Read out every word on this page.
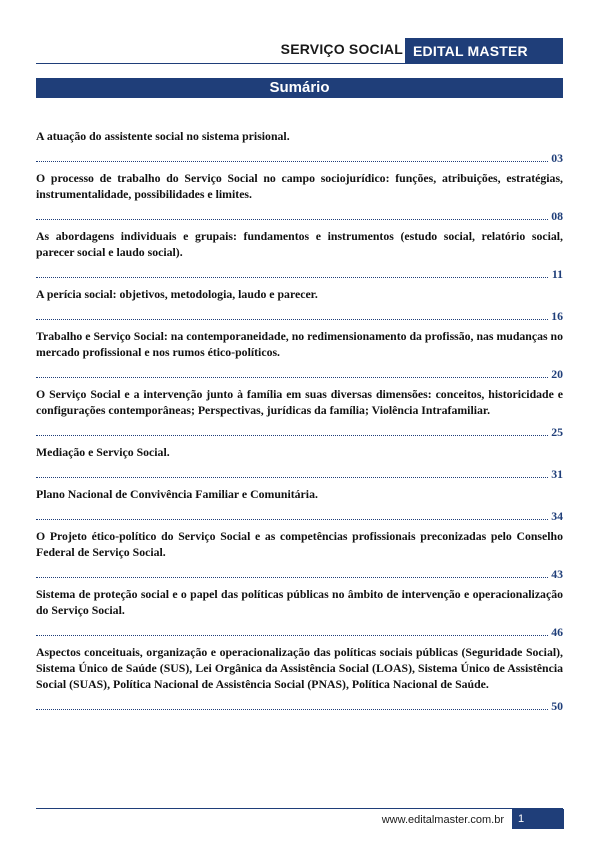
SERVIÇO SOCIAL EDITAL MASTER
Sumário

A atuação do assistente social no sistema prisional.

03

O processo de trabalho do Serviço Social no campo sociojurídico: funções, atribuições, estratégias, instrumentalidade, possibilidades e limites.

08

As abordagens individuais e grupais: fundamentos e instrumentos (estudo social, relatório social, parecer social e laudo social).

11

A perícia social: objetivos, metodologia, laudo e parecer.

16

Trabalho e Serviço Social: na contemporaneidade, no redimensionamento da profissão, nas mudanças no mercado profissional e nos rumos ético-políticos.

20

O Serviço Social e a intervenção junto à família em suas diversas dimensões: conceitos, historicidade e configurações contemporâneas; Perspectivas, jurídicas da família; Violência Intrafamiliar.

25

Mediação e Serviço Social.

31

Plano Nacional de Convivência Familiar e Comunitária.

34

O Projeto ético-político do Serviço Social e as competências profissionais preconizadas pelo Conselho Federal de Serviço Social.

43

Sistema de proteção social e o papel das políticas públicas no âmbito de intervenção e operacionalização do Serviço Social.

46

Aspectos conceituais, organização e operacionalização das políticas sociais públicas (Seguridade Social), Sistema Único de Saúde (SUS), Lei Orgânica da Assistência Social (LOAS), Sistema Único de Assistência Social (SUAS), Política Nacional de Assistência Social (PNAS), Política Nacional de Saúde.

50
www.editalmaster.com.br	1
